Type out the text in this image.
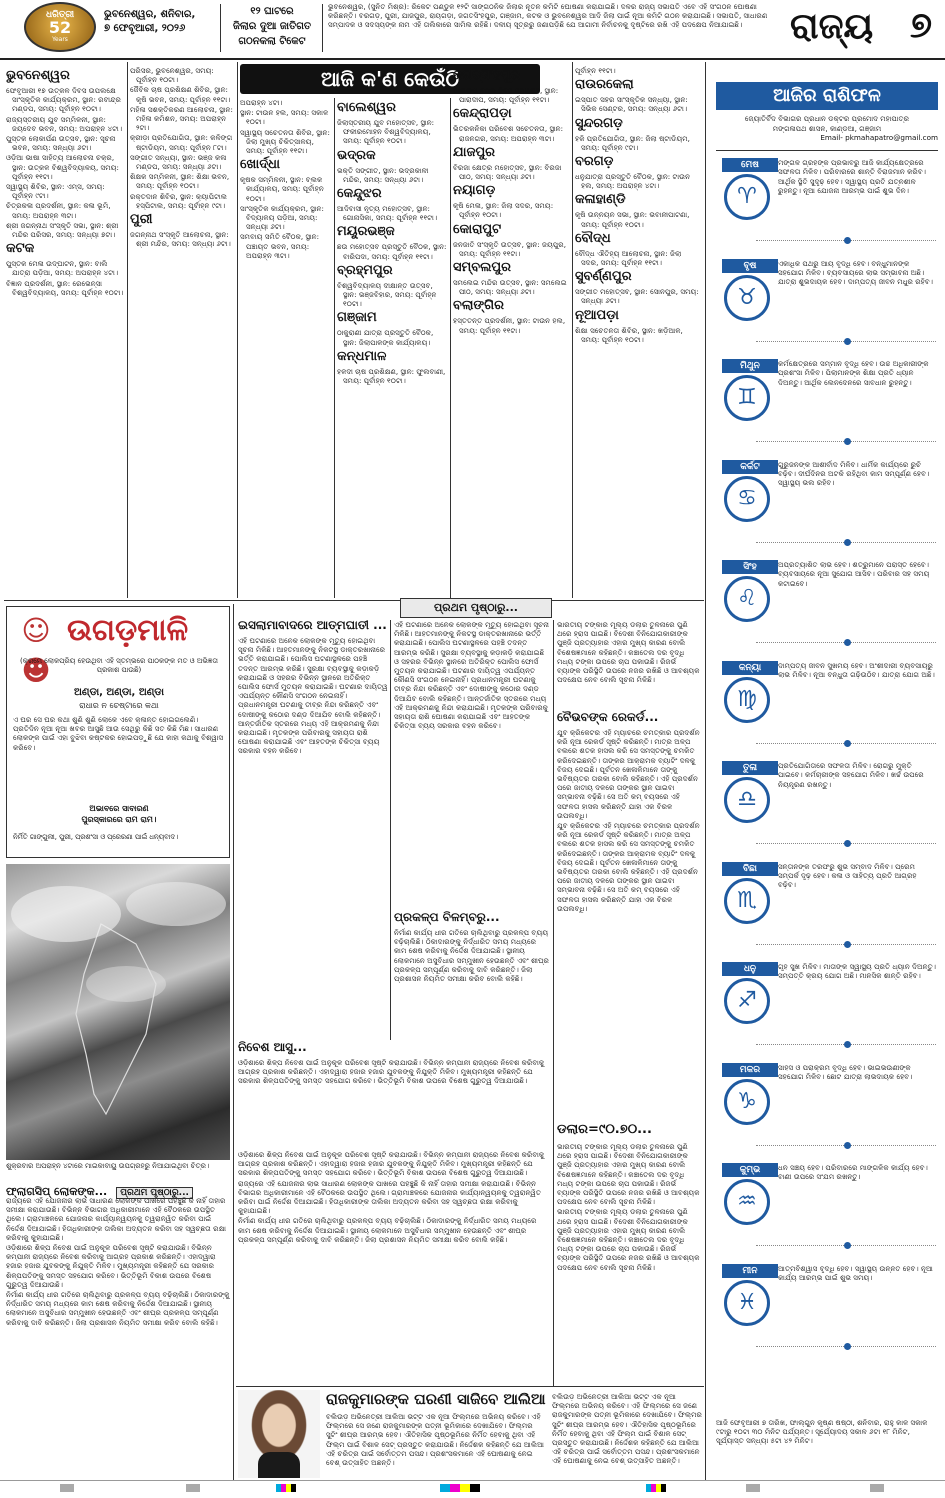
ଧରିତ୍ରୀ
52
Years
ଭୁବନେଶ୍ୱର, ଶନିବାର,
୭ ଫେବୃଆରୀ, ୨୦୨୬
୧୨ ଘାଟରେ
ଜିଲାର ଦୁଆ ଜାତିଗତ
ଗଠନକଲା ଟିକେଟ

ଭୁବନେଶ୍ୱର, (ସୁନିତ ମିଶ୍ର): ରିକେଟ ପଣ୍ଡୁଳ ୧୨ଟି ସାଙ୍ଗଠନିକ ଜିଲାର ନୂତନ କମିଟି ଘୋଷଣା କରାଯାଇଛି। ଦଳର ରାଜ୍ୟ ସଭାପତି ଏବେ ଏହି ସଂଗଠନ ଘୋଷଣା କରିଛନ୍ତି। ବରଗଡ଼, ପୁରୀ, ଯାଜପୁର, ରାୟଗଡ଼ା, ଜଗତସିଂହପୁର, ଗଞ୍ଜାମ, କଟକ ଓ ଭୁବନେଶ୍ୱର ଆଦି ଜିଲା ପାଇଁ ନୂଆ କମିଟି ଗଠନ କରାଯାଇଛି। ସଭାପତି, ସାଧାରଣ ସମ୍ପାଦକ ଓ ସଦସ୍ୟଙ୍କ ନାମ ଏହି ତାଲିକାରେ ସାମିଲ ରହିଛି। ଦଳୀୟ ସୂତ୍ରରୁ ଜଣାପଡ଼ିଛି ଯେ ଆଗାମୀ ନିର୍ବାଚନକୁ ଦୃଷ୍ଟିରେ ରଖି ଏହି ପଦକ୍ଷେପ ନିଆଯାଇଛି।	ରାଜ୍ୟ ୭
ଆଜି କ'ଣ କେଉଁଠି
ଭୁବନେଶ୍ୱର

ଫେବୃଆରୀ ୧୭ ଉତ୍କଳ ଦିବସ ଉପଲକ୍ଷେ ସାଂସ୍କୃତିକ କାର୍ଯ୍ୟକ୍ରମ, ସ୍ଥାନ: ରବୀନ୍ଦ୍ର ମଣ୍ଡପ, ସମୟ: ପୂର୍ବାହ୍ନ ୧୦ଟା।

ରାଜ୍ୟସ୍ତରୀୟ ଯୁବ ସମ୍ମିଳନୀ, ସ୍ଥାନ: ଜୟଦେବ ଭବନ, ସମୟ: ଅପରାହ୍ନ ୪ଟା।

ପୁସ୍ତକ ଲୋକାର୍ପଣ ଉତ୍ସବ, ସ୍ଥାନ: ସୂଚନା ଭବନ, ସମୟ: ସନ୍ଧ୍ୟା ୬ଟା।

ଓଡ଼ିଆ ଭାଷା ସାହିତ୍ୟ ଆଲୋଚନା ଚକ୍ର, ସ୍ଥାନ: ଉତ୍କଳ ବିଶ୍ୱବିଦ୍ୟାଳୟ, ସମୟ: ପୂର୍ବାହ୍ନ ୧୧ଟା।

ସ୍ୱାସ୍ଥ୍ୟ ଶିବିର, ସ୍ଥାନ: ଏମ୍‌ସ, ସମୟ: ପୂର୍ବାହ୍ନ ୯ଟା।

ଚିତ୍ରକଳା ପ୍ରଦର୍ଶନୀ, ସ୍ଥାନ: କଳା ଭୂମି, ସମୟ: ଅପରାହ୍ନ ୩ଟା।

ଶ୍ରୀ ଜଗନ୍ନାଥ ସଂସ୍କୃତି ସଭା, ସ୍ଥାନ: ଶ୍ରୀ ମନ୍ଦିର ପରିସର, ସମୟ: ସନ୍ଧ୍ୟା ୭ଟା।

କଟକ

ପୁସ୍ତକ ମେଳା ଉଦ୍‌ଘାଟନ, ସ୍ଥାନ: ବାଲି ଯାତ୍ରା ପଡ଼ିଆ, ସମୟ: ଅପରାହ୍ନ ୪ଟା।

ବିଜ୍ଞାନ ପ୍ରଦର୍ଶନୀ, ସ୍ଥାନ: ରେଭେନ୍ସା ବିଶ୍ୱବିଦ୍ୟାଳୟ, ସମୟ: ପୂର୍ବାହ୍ନ ୧୦ଟା।

ପରିସର, ଭୁବନେଶ୍ୱର, ସମୟ: ପୂର୍ବାହ୍ନ ୧୦ଟା।

ଜୈବିକ ଚାଷ ପ୍ରଶିକ୍ଷଣ ଶିବିର, ସ୍ଥାନ: କୃଷି ଭବନ, ସମୟ: ପୂର୍ବାହ୍ନ ୧୧ଟା।

ମହିଳା ସଶକ୍ତିକରଣ ଆଲୋଚନା, ସ୍ଥାନ: ମହିଳା କମିଶନ, ସମୟ: ଅପରାହ୍ନ ୨ଟା।

କ୍ରୀଡ଼ା ପ୍ରତିଯୋଗିତା, ସ୍ଥାନ: କଳିଙ୍ଗ ଷ୍ଟାଡିୟମ, ସମୟ: ପୂର୍ବାହ୍ନ ୮ଟା।

ସଙ୍ଗୀତ ସନ୍ଧ୍ୟା, ସ୍ଥାନ: ଭଞ୍ଜ କଳା ମଣ୍ଡପ, ସମୟ: ସନ୍ଧ୍ୟା ୬ଟା।

ଶିକ୍ଷକ ସମ୍ମିଳନୀ, ସ୍ଥାନ: ଶିକ୍ଷା ଭବନ, ସମୟ: ପୂର୍ବାହ୍ନ ୧୦ଟା।

ରକ୍ତଦାନ ଶିବିର, ସ୍ଥାନ: କ୍ୟାପିଟାଲ ହସ୍ପିଟାଲ, ସମୟ: ପୂର୍ବାହ୍ନ ୯ଟା।

ପୁରୀ

ଜଗନ୍ନାଥ ସଂସ୍କୃତି ଆଲୋଚନା, ସ୍ଥାନ: ଶ୍ରୀ ମନ୍ଦିର, ସମୟ: ସନ୍ଧ୍ୟା ୬ଟା।

ଅପରାହ୍ନ ୪ଟା।

ସ୍ଥାନ: ଟାଉନ ହଲ, ସମୟ: ସକାଳ ୧୦ଟା।

ସ୍ୱାସ୍ଥ୍ୟ ସଚେତନତା ଶିବିର, ସ୍ଥାନ: ଜିଲା ମୁଖ୍ୟ ଚିକିତ୍ସାଳୟ, ସମୟ: ପୂର୍ବାହ୍ନ ୧୧ଟା।

ଖୋର୍ଦ୍ଧା

କୃଷକ ସମ୍ମିଳନୀ, ସ୍ଥାନ: ବ୍ଲକ କାର୍ଯ୍ୟାଳୟ, ସମୟ: ପୂର୍ବାହ୍ନ ୧୦ଟା।

ସାଂସ୍କୃତିକ କାର୍ଯ୍ୟକ୍ରମ, ସ୍ଥାନ: ବିଦ୍ୟାଳୟ ପଡ଼ିଆ, ସମୟ: ସନ୍ଧ୍ୟା ୬ଟା।

ସମବାୟ ସମିତି ବୈଠକ, ସ୍ଥାନ: ପଞ୍ଚାୟତ ଭବନ, ସମୟ: ଅପରାହ୍ନ ୩ଟା।

ବାଲେଶ୍ୱର

ଜିଲାସ୍ତରୀୟ ଯୁବ ମହୋତ୍ସବ, ସ୍ଥାନ: ଫକୀରମୋହନ ବିଶ୍ୱବିଦ୍ୟାଳୟ, ସମୟ: ପୂର୍ବାହ୍ନ ୧୦ଟା।

ଭଦ୍ରକ

ଭକ୍ତି ସଙ୍ଗୀତ, ସ୍ଥାନ: ଭଦ୍ରକାଳୀ ମନ୍ଦିର, ସମୟ: ସନ୍ଧ୍ୟା ୬ଟା।

କେନ୍ଦୁଝର

ଆଦିବାସୀ ନୃତ୍ୟ ମହୋତ୍ସବ, ସ୍ଥାନ: ଗୋନାସିକା, ସମୟ: ପୂର୍ବାହ୍ନ ୧୧ଟା।

ମୟୂରଭଞ୍ଜ

ଛଉ ମହୋତ୍ସବ ପ୍ରସ୍ତୁତି ବୈଠକ, ସ୍ଥାନ: ବାରିପଦା, ସମୟ: ପୂର୍ବାହ୍ନ ୧୧ଟା।

ବ୍ରହ୍ମପୁର

ବିଶ୍ୱବିଦ୍ୟାଳୟ ଦୀକ୍ଷାନ୍ତ ଉତ୍ସବ, ସ୍ଥାନ: ଭଞ୍ଜବିହାର, ସମୟ: ପୂର୍ବାହ୍ନ ୧୦ଟା।

ଗଞ୍ଜାମ

ଠାକୁରାଣୀ ଯାତ୍ରା ପ୍ରସ୍ତୁତି ବୈଠକ, ସ୍ଥାନ: ଜିଲାପାଳଙ୍କ କାର୍ଯ୍ୟାଳୟ।

କନ୍ଧମାଳ

ହଳଦୀ ଚାଷ ପ୍ରଶିକ୍ଷଣ, ସ୍ଥାନ: ଫୁଲବାଣୀ, ସମୟ: ପୂର୍ବାହ୍ନ ୧୦ଟା।

ଜଗତ୍‌ସିଂହପୁର

ପାରାଦୀପ ବନ୍ଦର ଦିବସ ସମାରୋହ, ସ୍ଥାନ: ପାରାଦୀପ, ସମୟ: ପୂର୍ବାହ୍ନ ୧୧ଟା।

କେନ୍ଦ୍ରାପଡ଼ା

ଭିତରକନିକା ପରିବେଶ ସଚେତନତା, ସ୍ଥାନ: ରାଜନଗର, ସମୟ: ଅପରାହ୍ନ ୩ଟା।

ଯାଜପୁର

ବିରଜା କ୍ଷେତ୍ର ମହୋତ୍ସବ, ସ୍ଥାନ: ବିରଜା ପୀଠ, ସମୟ: ସନ୍ଧ୍ୟା ୬ଟା।

ନୟାଗଡ଼

କୃଷି ମେଳା, ସ୍ଥାନ: ଜିଲା ସଦର, ସମୟ: ପୂର୍ବାହ୍ନ ୧୦ଟା।

କୋରାପୁଟ

ଜନଜାତି ସଂସ୍କୃତି ଉତ୍ସବ, ସ୍ଥାନ: ଜୟପୁର, ସମୟ: ପୂର୍ବାହ୍ନ ୧୧ଟା।

ସମ୍ବଲପୁର

ସମଲେଇ ମନ୍ଦିର ଉତ୍ସବ, ସ୍ଥାନ: ସମଲେଇ ପୀଠ, ସମୟ: ସନ୍ଧ୍ୟା ୬ଟା।

ବଲାଙ୍ଗିର

ହସ୍ତତନ୍ତ ପ୍ରଦର୍ଶନୀ, ସ୍ଥାନ: ଟାଉନ ହଲ, ସମୟ: ପୂର୍ବାହ୍ନ ୧୧ଟା।

ପୂର୍ବାହ୍ନ ୧୧ଟା।

ରାଉରକେଲା

ଇସ୍ପାତ ସହର ସାଂସ୍କୃତିକ ସନ୍ଧ୍ୟା, ସ୍ଥାନ: ସିଭିକ ସେଣ୍ଟର, ସମୟ: ସନ୍ଧ୍ୟା ୬ଟା।

ସୁନ୍ଦରଗଡ଼

ହକି ପ୍ରତିଯୋଗିତା, ସ୍ଥାନ: ଜିଲା ଷ୍ଟାଡିୟମ, ସମୟ: ପୂର୍ବାହ୍ନ ୯ଟା।

ବରଗଡ଼

ଧନୁଯାତ୍ରା ପ୍ରସ୍ତୁତି ବୈଠକ, ସ୍ଥାନ: ଟାଉନ ହଲ, ସମୟ: ଅପରାହ୍ନ ୪ଟା।

କଳାହାଣ୍ଡି

କୃଷି ଉନ୍ନୟନ ସଭା, ସ୍ଥାନ: ଭବାନୀପାଟଣା, ସମୟ: ପୂର୍ବାହ୍ନ ୧୦ଟା।

ବୌଦ୍ଧ

ବୌଦ୍ଧ ଐତିହ୍ୟ ଆଲୋଚନା, ସ୍ଥାନ: ଜିଲା ସଦର, ସମୟ: ପୂର୍ବାହ୍ନ ୧୧ଟା।

ସୁବର୍ଣ୍ଣପୁର

ସଙ୍ଗୀତ ମହୋତ୍ସବ, ସ୍ଥାନ: ସୋନପୁର, ସମୟ: ସନ୍ଧ୍ୟା ୬ଟା।

ନୂଆପଡ଼ା

ଶିକ୍ଷା ସଚେତନତା ଶିବିର, ସ୍ଥାନ: ଖଡ଼ିଆଳ, ସମୟ: ପୂର୍ବାହ୍ନ ୧୦ଟା।

☺☻
ଉଗଡ଼ମାଳି
(କ୍ରମେ ଲୋକପ୍ରିୟ ହେଉଥିବା ଏହି ସ୍ତମ୍ଭରେ ପାଠକଙ୍କ ମତ ଓ ଅଭିଜ୍ଞତା ପ୍ରକାଶ ପାଉଛି)
ଅଣ୍ଡା, ଅଣ୍ଡା, ଅଣ୍ଡା
ରାଧାର ନ ଚେଷ୍ଟାରେ କଥା
ଏ ଘର ସେ ଘର କଥା ଶୁଣି ଶୁଣି ଲୋକେ ଏବେ କ୍ଳାନ୍ତ ହୋଇଗଲେଣି। ପ୍ରତିଦିନ ନୂଆ ନୂଆ ଖବର ଆସୁଛି ଆଉ ସେଥିରୁ କିଛି ସତ କିଛି ମିଛ। ସାଧାରଣ ଲୋକଙ୍କ ପାଇଁ ଏହା ବୁଝିବା କଷ୍ଟକର ହୋଇପଡ଼ୁଛି ଯେ କାହା କଥାକୁ ବିଶ୍ୱାସ କରିବେ।
ଅଭାବରେ ସାବାରଣ
ପୁରସ୍କାରରେ ରାମ ରାମ।
ନିର୍ମିତି ଗାଙ୍ଗୁଲୀ, ପୁରୀ, ପ୍ରଶଂସା ଓ ପ୍ରେରଣା ପାଇଁ ଧନ୍ୟବାଦ।
ଶୁକ୍ରବାର ଅପରାହ୍ନ ୪ଟାରେ ମାଇକାବାୟୁ ଉପଗ୍ରହରୁ ନିଆଯାଇଥିବା ଚିତ୍ର।
ପ୍ରଥମ ପୃଷ୍ଠାରୁ...
ଇସଲାମାବାଦରେ ଆତ୍ମଘାତୀ ...

ଏହି ଘଟଣାରେ ଅନେକ ଲୋକଙ୍କ ମୃତ୍ୟୁ ହୋଇଥିବା ସୂଚନା ମିଳିଛି। ଆହତମାନଙ୍କୁ ନିକଟସ୍ଥ ଡାକ୍ତରଖାନାରେ ଭର୍ତ୍ତି କରାଯାଇଛି। ପୋଲିସ ଘଟଣାସ୍ଥଳରେ ପହଞ୍ଚି ତଦନ୍ତ ଆରମ୍ଭ କରିଛି। ସୁରକ୍ଷା ବ୍ୟବସ୍ଥାକୁ କଡ଼ାକଡ଼ି କରାଯାଇଛି ଓ ସହରର ବିଭିନ୍ନ ସ୍ଥାନରେ ଅତିରିକ୍ତ ପୋଲିସ ଫୋର୍ସ ମୁତୟନ କରାଯାଇଛି। ଘଟଣାର ଦାୟିତ୍ୱ ଏପର୍ଯ୍ୟନ୍ତ କୌଣସି ସଂଗଠନ ନେଇନାହିଁ। ପ୍ରଧାନମନ୍ତ୍ରୀ ଘଟଣାକୁ ତୀବ୍ର ନିନ୍ଦା କରିଛନ୍ତି ଏବଂ ଦୋଷୀଙ୍କୁ କଠୋର ଦଣ୍ଡ ଦିଆଯିବ ବୋଲି କହିଛନ୍ତି। ଆନ୍ତର୍ଜାତିକ ସ୍ତରରେ ମଧ୍ୟ ଏହି ଆକ୍ରମଣକୁ ନିନ୍ଦା କରାଯାଇଛି। ମୃତକଙ୍କ ପରିବାରକୁ ସହାୟତା ରାଶି ଘୋଷଣା କରାଯାଇଛି ଏବଂ ଆହତଙ୍କ ଚିକିତ୍ସା ବ୍ୟୟ ସରକାର ବହନ କରିବେ।

ଏହି ଘଟଣାରେ ଅନେକ ଲୋକଙ୍କ ମୃତ୍ୟୁ ହୋଇଥିବା ସୂଚନା ମିଳିଛି। ଆହତମାନଙ୍କୁ ନିକଟସ୍ଥ ଡାକ୍ତରଖାନାରେ ଭର୍ତ୍ତି କରାଯାଇଛି। ପୋଲିସ ଘଟଣାସ୍ଥଳରେ ପହଞ୍ଚି ତଦନ୍ତ ଆରମ୍ଭ କରିଛି। ସୁରକ୍ଷା ବ୍ୟବସ୍ଥାକୁ କଡ଼ାକଡ଼ି କରାଯାଇଛି ଓ ସହରର ବିଭିନ୍ନ ସ୍ଥାନରେ ଅତିରିକ୍ତ ପୋଲିସ ଫୋର୍ସ ମୁତୟନ କରାଯାଇଛି। ଘଟଣାର ଦାୟିତ୍ୱ ଏପର୍ଯ୍ୟନ୍ତ କୌଣସି ସଂଗଠନ ନେଇନାହିଁ। ପ୍ରଧାନମନ୍ତ୍ରୀ ଘଟଣାକୁ ତୀବ୍ର ନିନ୍ଦା କରିଛନ୍ତି ଏବଂ ଦୋଷୀଙ୍କୁ କଠୋର ଦଣ୍ଡ ଦିଆଯିବ ବୋଲି କହିଛନ୍ତି। ଆନ୍ତର୍ଜାତିକ ସ୍ତରରେ ମଧ୍ୟ ଏହି ଆକ୍ରମଣକୁ ନିନ୍ଦା କରାଯାଇଛି। ମୃତକଙ୍କ ପରିବାରକୁ ସହାୟତା ରାଶି ଘୋଷଣା କରାଯାଇଛି ଏବଂ ଆହତଙ୍କ ଚିକିତ୍ସା ବ୍ୟୟ ସରକାର ବହନ କରିବେ।

ପ୍ରକଳ୍ପ ବିଳମ୍ବରୁ...

ନିର୍ମାଣ କାର୍ଯ୍ୟ ଧୀର ଗତିରେ ଚାଲିଥିବାରୁ ପ୍ରକଳ୍ପ ବ୍ୟୟ ବଢ଼ିଚାଲିଛି। ଠିକାଦାରଙ୍କୁ ନିର୍ଦ୍ଧାରିତ ସମୟ ମଧ୍ୟରେ କାମ ଶେଷ କରିବାକୁ ନିର୍ଦ୍ଦେଶ ଦିଆଯାଇଛି। ସ୍ଥାନୀୟ ଲୋକମାନେ ଅସୁବିଧାର ସମ୍ମୁଖୀନ ହେଉଛନ୍ତି ଏବଂ ଶୀଘ୍ର ପ୍ରକଳ୍ପ ସମ୍ପୂର୍ଣ୍ଣ କରିବାକୁ ଦାବି କରିଛନ୍ତି। ଜିଲା ପ୍ରଶାସନ ନିୟମିତ ସମୀକ୍ଷା କରିବ ବୋଲି କହିଛି।

ନିବେଶ ଆସୁ...

ଓଡ଼ିଶାରେ ଶିଳ୍ପ ନିବେଶ ପାଇଁ ଅନୁକୂଳ ପରିବେଶ ସୃଷ୍ଟି କରାଯାଉଛି। ବିଭିନ୍ନ କମ୍ପାନୀ ରାଜ୍ୟରେ ନିବେଶ କରିବାକୁ ଆଗ୍ରହ ପ୍ରକାଶ କରିଛନ୍ତି। ଏହାଦ୍ୱାରା ହଜାର ହଜାର ଯୁବକଙ୍କୁ ନିଯୁକ୍ତି ମିଳିବ। ମୁଖ୍ୟମନ୍ତ୍ରୀ କହିଛନ୍ତି ଯେ ସରକାର ଶିଳ୍ପପତିଙ୍କୁ ସମସ୍ତ ସହଯୋଗ କରିବେ। ଭିତ୍ତିଭୂମି ବିକାଶ ଉପରେ ବିଶେଷ ଗୁରୁତ୍ୱ ଦିଆଯାଉଛି।

ଫ୍ଲାଗସିପ୍ ଲୋକଙ୍କ... ପ୍ରଥମ ପୃଷ୍ଠାରୁ...

ରାଜ୍ୟରେ ଏହି ଯୋଜନାର ଲାଭ ସାଧାରଣ ଲୋକଙ୍କ ପାଖରେ ପହଞ୍ଚୁଛି କି ନାହିଁ ତାହାର ସମୀକ୍ଷା କରାଯାଉଛି। ବିଭିନ୍ନ ବିଭାଗର ଅଧିକାରୀମାନେ ଏହି ବୈଠକରେ ଉପସ୍ଥିତ ଥିଲେ। ଗ୍ରାମାଞ୍ଚଳରେ ଯୋଜନାର କାର୍ଯ୍ୟାନ୍ୱୟନକୁ ତ୍ୱରାନ୍ୱିତ କରିବା ପାଇଁ ନିର୍ଦ୍ଦେଶ ଦିଆଯାଇଛି। ହିତାଧିକାରୀଙ୍କ ତାଲିକା ଅଦ୍ୟତନ କରିବା ସହ ସ୍ୱଚ୍ଛତା ରକ୍ଷା କରିବାକୁ କୁହାଯାଇଛି।

ଓଡ଼ିଶାରେ ଶିଳ୍ପ ନିବେଶ ପାଇଁ ଅନୁକୂଳ ପରିବେଶ ସୃଷ୍ଟି କରାଯାଉଛି। ବିଭିନ୍ନ କମ୍ପାନୀ ରାଜ୍ୟରେ ନିବେଶ କରିବାକୁ ଆଗ୍ରହ ପ୍ରକାଶ କରିଛନ୍ତି। ଏହାଦ୍ୱାରା ହଜାର ହଜାର ଯୁବକଙ୍କୁ ନିଯୁକ୍ତି ମିଳିବ। ମୁଖ୍ୟମନ୍ତ୍ରୀ କହିଛନ୍ତି ଯେ ସରକାର ଶିଳ୍ପପତିଙ୍କୁ ସମସ୍ତ ସହଯୋଗ କରିବେ। ଭିତ୍ତିଭୂମି ବିକାଶ ଉପରେ ବିଶେଷ ଗୁରୁତ୍ୱ ଦିଆଯାଉଛି।

ନିର୍ମାଣ କାର୍ଯ୍ୟ ଧୀର ଗତିରେ ଚାଲିଥିବାରୁ ପ୍ରକଳ୍ପ ବ୍ୟୟ ବଢ଼ିଚାଲିଛି। ଠିକାଦାରଙ୍କୁ ନିର୍ଦ୍ଧାରିତ ସମୟ ମଧ୍ୟରେ କାମ ଶେଷ କରିବାକୁ ନିର୍ଦ୍ଦେଶ ଦିଆଯାଇଛି। ସ୍ଥାନୀୟ ଲୋକମାନେ ଅସୁବିଧାର ସମ୍ମୁଖୀନ ହେଉଛନ୍ତି ଏବଂ ଶୀଘ୍ର ପ୍ରକଳ୍ପ ସମ୍ପୂର୍ଣ୍ଣ କରିବାକୁ ଦାବି କରିଛନ୍ତି। ଜିଲା ପ୍ରଶାସନ ନିୟମିତ ସମୀକ୍ଷା କରିବ ବୋଲି କହିଛି।

ଓଡ଼ିଶାରେ ଶିଳ୍ପ ନିବେଶ ପାଇଁ ଅନୁକୂଳ ପରିବେଶ ସୃଷ୍ଟି କରାଯାଉଛି। ବିଭିନ୍ନ କମ୍ପାନୀ ରାଜ୍ୟରେ ନିବେଶ କରିବାକୁ ଆଗ୍ରହ ପ୍ରକାଶ କରିଛନ୍ତି। ଏହାଦ୍ୱାରା ହଜାର ହଜାର ଯୁବକଙ୍କୁ ନିଯୁକ୍ତି ମିଳିବ। ମୁଖ୍ୟମନ୍ତ୍ରୀ କହିଛନ୍ତି ଯେ ସରକାର ଶିଳ୍ପପତିଙ୍କୁ ସମସ୍ତ ସହଯୋଗ କରିବେ। ଭିତ୍ତିଭୂମି ବିକାଶ ଉପରେ ବିଶେଷ ଗୁରୁତ୍ୱ ଦିଆଯାଉଛି।

ରାଜ୍ୟରେ ଏହି ଯୋଜନାର ଲାଭ ସାଧାରଣ ଲୋକଙ୍କ ପାଖରେ ପହଞ୍ଚୁଛି କି ନାହିଁ ତାହାର ସମୀକ୍ଷା କରାଯାଉଛି। ବିଭିନ୍ନ ବିଭାଗର ଅଧିକାରୀମାନେ ଏହି ବୈଠକରେ ଉପସ୍ଥିତ ଥିଲେ। ଗ୍ରାମାଞ୍ଚଳରେ ଯୋଜନାର କାର୍ଯ୍ୟାନ୍ୱୟନକୁ ତ୍ୱରାନ୍ୱିତ କରିବା ପାଇଁ ନିର୍ଦ୍ଦେଶ ଦିଆଯାଇଛି। ହିତାଧିକାରୀଙ୍କ ତାଲିକା ଅଦ୍ୟତନ କରିବା ସହ ସ୍ୱଚ୍ଛତା ରକ୍ଷା କରିବାକୁ କୁହାଯାଇଛି।

ନିର୍ମାଣ କାର୍ଯ୍ୟ ଧୀର ଗତିରେ ଚାଲିଥିବାରୁ ପ୍ରକଳ୍ପ ବ୍ୟୟ ବଢ଼ିଚାଲିଛି। ଠିକାଦାରଙ୍କୁ ନିର୍ଦ୍ଧାରିତ ସମୟ ମଧ୍ୟରେ କାମ ଶେଷ କରିବାକୁ ନିର୍ଦ୍ଦେଶ ଦିଆଯାଇଛି। ସ୍ଥାନୀୟ ଲୋକମାନେ ଅସୁବିଧାର ସମ୍ମୁଖୀନ ହେଉଛନ୍ତି ଏବଂ ଶୀଘ୍ର ପ୍ରକଳ୍ପ ସମ୍ପୂର୍ଣ୍ଣ କରିବାକୁ ଦାବି କରିଛନ୍ତି। ଜିଲା ପ୍ରଶାସନ ନିୟମିତ ସମୀକ୍ଷା କରିବ ବୋଲି କହିଛି।

ଭାରତୀୟ ଟଙ୍କାର ମୂଲ୍ୟ ଡଲାର ତୁଳନାରେ ପୁଣି ଥରେ ହ୍ରାସ ପାଇଛି। ବିଦେଶୀ ବିନିଯୋଗକାରୀଙ୍କ ପୁଞ୍ଜି ପ୍ରତ୍ୟାହାର ଏହାର ମୁଖ୍ୟ କାରଣ ବୋଲି ବିଶେଷଜ୍ଞମାନେ କହିଛନ୍ତି। କଞ୍ଚାତେଲ ଦର ବୃଦ୍ଧି ମଧ୍ୟ ଟଙ୍କା ଉପରେ ଚାପ ପକାଉଛି। ରିଜର୍ଭ ବ୍ୟାଙ୍କ ପରିସ୍ଥିତି ଉପରେ ନଜର ରଖିଛି ଓ ଆବଶ୍ୟକ ପଦକ୍ଷେପ ନେବ ବୋଲି ସୂଚନା ମିଳିଛି।

ବୈଭବଙ୍କ ରେକର୍ଡ...

ଯୁବ କ୍ରିକେଟର ଏହି ମ୍ୟାଚରେ ଚମତ୍କାର ପ୍ରଦର୍ଶନ କରି ନୂଆ ରେକର୍ଡ ସୃଷ୍ଟି କରିଛନ୍ତି। ମାତ୍ର ଅଳ୍ପ ବଲରେ ଶତକ ହାସଲ କରି ସେ ସମସ୍ତଙ୍କୁ ଚମକିତ କରିଦେଇଛନ୍ତି। ତାଙ୍କର ଆକ୍ରାମକ ବ୍ୟାଟିଂ ଦଳକୁ ବିଜୟ ଦେଇଛି। ପୂର୍ବତନ ଖେଳାଳିମାନେ ତାଙ୍କୁ ଭବିଷ୍ୟତର ତାରକା ବୋଲି କହିଛନ୍ତି। ଏହି ପ୍ରଦର୍ଶନ ପରେ ଜାତୀୟ ଦଳରେ ତାଙ୍କର ସ୍ଥାନ ପାଇବା ସମ୍ଭାବନା ବଢ଼ିଛି। ସେ ଅତି କମ୍ ବୟସରେ ଏହି ସଫଳତା ହାସଲ କରିଛନ୍ତି ଯାହା ଏକ ବିରଳ ଉପଲବ୍ଧି।

ଯୁବ କ୍ରିକେଟର ଏହି ମ୍ୟାଚରେ ଚମତ୍କାର ପ୍ରଦର୍ଶନ କରି ନୂଆ ରେକର୍ଡ ସୃଷ୍ଟି କରିଛନ୍ତି। ମାତ୍ର ଅଳ୍ପ ବଲରେ ଶତକ ହାସଲ କରି ସେ ସମସ୍ତଙ୍କୁ ଚମକିତ କରିଦେଇଛନ୍ତି। ତାଙ୍କର ଆକ୍ରାମକ ବ୍ୟାଟିଂ ଦଳକୁ ବିଜୟ ଦେଇଛି। ପୂର୍ବତନ ଖେଳାଳିମାନେ ତାଙ୍କୁ ଭବିଷ୍ୟତର ତାରକା ବୋଲି କହିଛନ୍ତି। ଏହି ପ୍ରଦର୍ଶନ ପରେ ଜାତୀୟ ଦଳରେ ତାଙ୍କର ସ୍ଥାନ ପାଇବା ସମ୍ଭାବନା ବଢ଼ିଛି। ସେ ଅତି କମ୍ ବୟସରେ ଏହି ସଫଳତା ହାସଲ କରିଛନ୍ତି ଯାହା ଏକ ବିରଳ ଉପଲବ୍ଧି।

ଡଲାର=୯୦.୭୦...

ଭାରତୀୟ ଟଙ୍କାର ମୂଲ୍ୟ ଡଲାର ତୁଳନାରେ ପୁଣି ଥରେ ହ୍ରାସ ପାଇଛି। ବିଦେଶୀ ବିନିଯୋଗକାରୀଙ୍କ ପୁଞ୍ଜି ପ୍ରତ୍ୟାହାର ଏହାର ମୁଖ୍ୟ କାରଣ ବୋଲି ବିଶେଷଜ୍ଞମାନେ କହିଛନ୍ତି। କଞ୍ଚାତେଲ ଦର ବୃଦ୍ଧି ମଧ୍ୟ ଟଙ୍କା ଉପରେ ଚାପ ପକାଉଛି। ରିଜର୍ଭ ବ୍ୟାଙ୍କ ପରିସ୍ଥିତି ଉପରେ ନଜର ରଖିଛି ଓ ଆବଶ୍ୟକ ପଦକ୍ଷେପ ନେବ ବୋଲି ସୂଚନା ମିଳିଛି।

ଭାରତୀୟ ଟଙ୍କାର ମୂଲ୍ୟ ଡଲାର ତୁଳନାରେ ପୁଣି ଥରେ ହ୍ରାସ ପାଇଛି। ବିଦେଶୀ ବିନିଯୋଗକାରୀଙ୍କ ପୁଞ୍ଜି ପ୍ରତ୍ୟାହାର ଏହାର ମୁଖ୍ୟ କାରଣ ବୋଲି ବିଶେଷଜ୍ଞମାନେ କହିଛନ୍ତି। କଞ୍ଚାତେଲ ଦର ବୃଦ୍ଧି ମଧ୍ୟ ଟଙ୍କା ଉପରେ ଚାପ ପକାଉଛି। ରିଜର୍ଭ ବ୍ୟାଙ୍କ ପରିସ୍ଥିତି ଉପରେ ନଜର ରଖିଛି ଓ ଆବଶ୍ୟକ ପଦକ୍ଷେପ ନେବ ବୋଲି ସୂଚନା ମିଳିଛି।

ରାଜକୁମାରଙ୍କ ଘରଣୀ ସାଜିବେ ଆଲିଆ

ବଲିଉଡ଼ ଅଭିନେତ୍ରୀ ଆଲିଆ ଭଟ୍ଟ ଏକ ନୂଆ ଫିଲ୍ମରେ ଅଭିନୟ କରିବେ। ଏହି ଫିଲ୍ମରେ ସେ ଜଣେ ରାଜକୁମାରଙ୍କ ପତ୍ନୀ ଭୂମିକାରେ ଦେଖାଯିବେ। ଫିଲ୍ମର ସୁଟିଂ ଶୀଘ୍ର ଆରମ୍ଭ ହେବ। ଐତିହାସିକ ପୃଷ୍ଠଭୂମିରେ ନିର୍ମିତ ହେବାକୁ ଥିବା ଏହି ଫିଲ୍ମ ପାଇଁ ବିଶାଳ ସେଟ୍ ପ୍ରସ୍ତୁତ କରାଯାଉଛି। ନିର୍ଦ୍ଦେଶକ କହିଛନ୍ତି ଯେ ଆଲିଆ ଏହି ଚରିତ୍ର ପାଇଁ ସର୍ବୋତ୍ତମ ପସନ୍ଦ। ପ୍ରଶଂସକମାନେ ଏହି ଘୋଷଣାକୁ ନେଇ ବେଶ୍ ଉତ୍ସାହିତ ଅଛନ୍ତି।

ବଲିଉଡ଼ ଅଭିନେତ୍ରୀ ଆଲିଆ ଭଟ୍ଟ ଏକ ନୂଆ ଫିଲ୍ମରେ ଅଭିନୟ କରିବେ। ଏହି ଫିଲ୍ମରେ ସେ ଜଣେ ରାଜକୁମାରଙ୍କ ପତ୍ନୀ ଭୂମିକାରେ ଦେଖାଯିବେ। ଫିଲ୍ମର ସୁଟିଂ ଶୀଘ୍ର ଆରମ୍ଭ ହେବ। ଐତିହାସିକ ପୃଷ୍ଠଭୂମିରେ ନିର୍ମିତ ହେବାକୁ ଥିବା ଏହି ଫିଲ୍ମ ପାଇଁ ବିଶାଳ ସେଟ୍ ପ୍ରସ୍ତୁତ କରାଯାଉଛି। ନିର୍ଦ୍ଦେଶକ କହିଛନ୍ତି ଯେ ଆଲିଆ ଏହି ଚରିତ୍ର ପାଇଁ ସର୍ବୋତ୍ତମ ପସନ୍ଦ। ପ୍ରଶଂସକମାନେ ଏହି ଘୋଷଣାକୁ ନେଇ ବେଶ୍ ଉତ୍ସାହିତ ଅଛନ୍ତି।

ଆଜିର ରାଶିଫଳ
ଜ୍ୟୋତିର୍ବିଦ ବିଭାଗର ପ୍ରଧାନ ଡକ୍ଟର ପ୍ରମୋଦ ମହାପାତ୍ର
ମଙ୍ଗଳାପଥ ଶାସନ, କାଣ୍ଡଆ, ଗଞ୍ଜାମ
Email- pkmahapatro@gmail.com
ମେଷ
♈
ମଙ୍ଗଳ ଗ୍ରହଙ୍କ ପ୍ରଭାବରୁ ଆଜି କାର୍ଯ୍ୟକ୍ଷେତ୍ରରେ ସଫଳତା ମିଳିବ। ପରିବାରରେ ଶାନ୍ତି ବିରାଜମାନ କରିବ। ଆର୍ଥିକ ସ୍ଥିତି ସୁଦୃଢ଼ ହେବ। ସ୍ୱାସ୍ଥ୍ୟ ପ୍ରତି ଯତ୍ନଶୀଳ ରୁହନ୍ତୁ। ନୂଆ ଯୋଜନା ଆରମ୍ଭ ପାଇଁ ଶୁଭ ଦିନ।
ବୃଷ
♉
ଏକାଧିକ ପଥରୁ ଆୟ ବୃଦ୍ଧି ହେବ। ବନ୍ଧୁମାନଙ୍କ ସହଯୋଗ ମିଳିବ। ବ୍ୟବସାୟରେ ଲାଭ ସମ୍ଭାବନା ଅଛି। ଯାତ୍ରା ଶୁଭଦାୟକ ହେବ। ଦାମ୍ପତ୍ୟ ଜୀବନ ମଧୁର ରହିବ।
ମିଥୁନ
♊
କର୍ମକ୍ଷେତ୍ରରେ ସମ୍ମାନ ବୃଦ୍ଧି ହେବ। ଉଚ୍ଚ ଅଧିକାରୀଙ୍କ ପ୍ରଶଂସା ମିଳିବ। ପିଲାମାନଙ୍କ ଶିକ୍ଷା ପ୍ରତି ଧ୍ୟାନ ଦିଅନ୍ତୁ। ଆର୍ଥିକ ଲେନଦେନରେ ସାବଧାନ ରୁହନ୍ତୁ।
କର୍କଟ
♋
ଗୁରୁଜନଙ୍କ ଆଶୀର୍ବାଦ ମିଳିବ। ଧାର୍ମିକ କାର୍ଯ୍ୟରେ ରୁଚି ବଢ଼ିବ। ଦୀର୍ଘଦିନର ଅଟକି ରହିଥିବା କାମ ସମ୍ପୂର୍ଣ୍ଣ ହେବ। ସ୍ୱାସ୍ଥ୍ୟ ଭଲ ରହିବ।
ସିଂହ
♌
ଅପ୍ରତ୍ୟାଶିତ ଲାଭ ହେବ। ଶତ୍ରୁମାନେ ପରାସ୍ତ ହେବେ। ବ୍ୟବସାୟରେ ନୂଆ ସୁଯୋଗ ଆସିବ। ପରିବାର ସହ ସମୟ କଟାଇବେ।
କନ୍ୟା
♍
ଦାମ୍ପତ୍ୟ ଜୀବନ ସୁଖମୟ ହେବ। ଅଂଶୀଦାରୀ ବ୍ୟବସାୟରୁ ଲାଭ ମିଳିବ। ନୂଆ ବନ୍ଧୁତା ଗଢ଼ିଉଠିବ। ଯାତ୍ରା ଯୋଗ ଅଛି।
ତୁଳା
♎
ପ୍ରତିଯୋଗିତାରେ ସଫଳତା ମିଳିବ। ରୋଗରୁ ମୁକ୍ତି ପାଇବେ। କର୍ମଚାରୀଙ୍କ ସହଯୋଗ ମିଳିବ। ଖର୍ଚ୍ଚ ଉପରେ ନିୟନ୍ତ୍ରଣ ରଖନ୍ତୁ।
ବିଛା
♏
ସନ୍ତାନଙ୍କ ତରଫରୁ ଶୁଭ ସମ୍ବାଦ ମିଳିବ। ପ୍ରେମ ସମ୍ପର୍କ ଦୃଢ଼ ହେବ। କଳା ଓ ସାହିତ୍ୟ ପ୍ରତି ଆଗ୍ରହ ବଢ଼ିବ।
ଧନୁ
♐
ଗୃହ ସୁଖ ମିଳିବ। ମାତାଙ୍କ ସ୍ୱାସ୍ଥ୍ୟ ପ୍ରତି ଧ୍ୟାନ ଦିଅନ୍ତୁ। ସମ୍ପତ୍ତି କ୍ରୟ ଯୋଗ ଅଛି। ମାନସିକ ଶାନ୍ତି ରହିବ।
ମକର
♑
ସାହସ ଓ ପରାକ୍ରମ ବୃଦ୍ଧି ହେବ। ଭାଇଭଉଣୀଙ୍କ ସହଯୋଗ ମିଳିବ। ଛୋଟ ଯାତ୍ରା ଲାଭଦାୟକ ହେବ।
କୁମ୍ଭ
♒
ଧନ ସଞ୍ଚୟ ହେବ। ପରିବାରରେ ମାଙ୍ଗଳିକ କାର୍ଯ୍ୟ ହେବ। ବାଣୀ ଉପରେ ସଂଯମ ରଖନ୍ତୁ।
ମୀନ
♓
ଆତ୍ମବିଶ୍ୱାସ ବୃଦ୍ଧି ହେବ। ସ୍ୱାସ୍ଥ୍ୟ ଉନ୍ନତ ହେବ। ନୂଆ କାର୍ଯ୍ୟ ଆରମ୍ଭ ପାଇଁ ଶୁଭ ସମୟ।
ଆଜି ଫେବୃଆରୀ ୭ ତାରିଖ, ଫାଲ୍ଗୁନ କୃଷ୍ଣ ଷଷ୍ଠୀ, ଶନିବାର, ରାହୁ କାଳ ସକାଳ ୯ଟାରୁ ୧୦ଟା ୩୦ ମିନିଟ ପର୍ଯ୍ୟନ୍ତ। ସୂର୍ଯ୍ୟୋଦୟ ସକାଳ ୬ଟା ୧୮ ମିନିଟ, ସୂର୍ଯ୍ୟାସ୍ତ ସନ୍ଧ୍ୟା ୫ଟା ୪୨ ମିନିଟ।
